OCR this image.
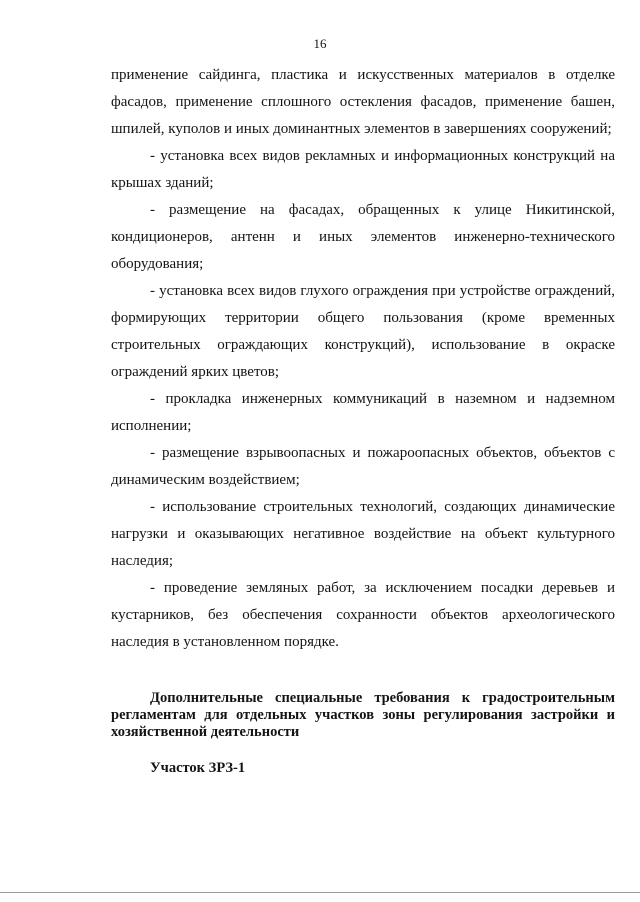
16

применение сайдинга, пластика и искусственных материалов в отделке фасадов, применение сплошного остекления фасадов, применение башен, шпилей, куполов и иных доминантных элементов в завершениях сооружений;

- установка всех видов рекламных и информационных конструкций на крышах зданий;

- размещение на фасадах, обращенных к улице Никитинской, кондиционеров, антенн и иных элементов инженерно-технического оборудования;

- установка всех видов глухого ограждения при устройстве ограждений, формирующих территории общего пользования (кроме временных строительных ограждающих конструкций), использование в окраске ограждений ярких цветов;

- прокладка инженерных коммуникаций в наземном и надземном исполнении;

- размещение взрывоопасных и пожароопасных объектов, объектов с динамическим воздействием;

- использование строительных технологий, создающих динамические нагрузки и оказывающих негативное воздействие на объект культурного наследия;

- проведение земляных работ, за исключением посадки деревьев и кустарников, без обеспечения сохранности объектов археологического наследия в установленном порядке.

Дополнительные специальные требования к градостроительным регламентам для отдельных участков зоны регулирования застройки и хозяйственной деятельности

Участок ЗРЗ-1
